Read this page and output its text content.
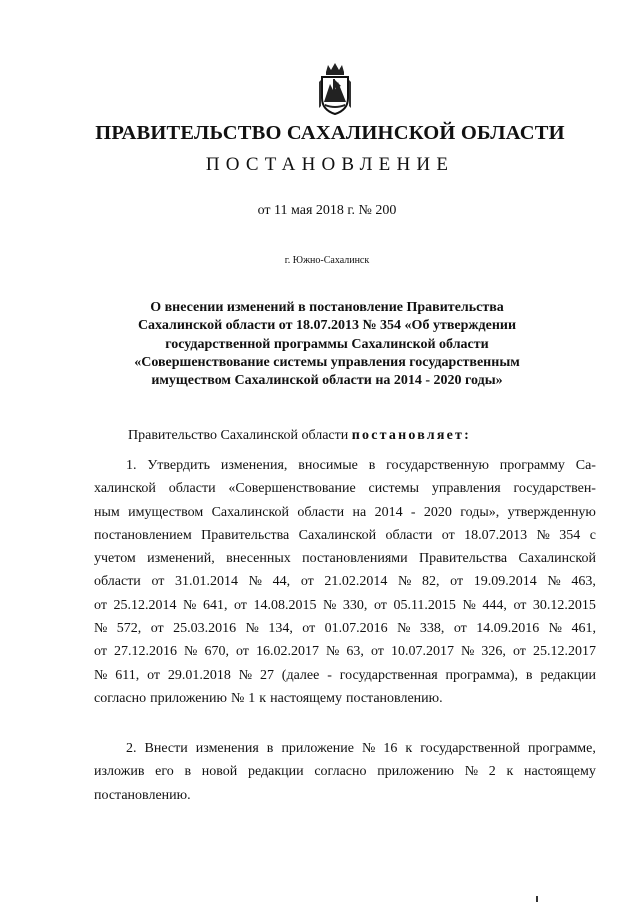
ПРАВИТЕЛЬСТВО САХАЛИНСКОЙ ОБЛАСТИ
ПОСТАНОВЛЕНИЕ
от 11 мая 2018 г. № 200
г. Южно-Сахалинск
О внесении изменений в постановление Правительства
Сахалинской области от 18.07.2013 № 354 «Об утверждении
государственной программы Сахалинской области
«Совершенствование системы управления государственным
имуществом Сахалинской области на 2014 - 2020 годы»
Правительство Сахалинской области постановляет:
1. Утвердить изменения, вносимые в государственную программу Са-
халинской области «Совершенствование системы управления государствен-
ным имуществом Сахалинской области на 2014 - 2020 годы», утвержденную
постановлением Правительства Сахалинской области от 18.07.2013 № 354 с
учетом изменений, внесенных постановлениями Правительства Сахалинской
области от 31.01.2014 № 44, от 21.02.2014 № 82, от 19.09.2014 № 463,
от 25.12.2014 № 641, от 14.08.2015 № 330, от 05.11.2015 № 444, от 30.12.2015
№ 572, от 25.03.2016 № 134, от 01.07.2016 № 338, от 14.09.2016 № 461,
от 27.12.2016 № 670, от 16.02.2017 № 63, от 10.07.2017 № 326, от 25.12.2017
№ 611, от 29.01.2018 № 27 (далее - государственная программа), в редакции
согласно приложению № 1 к настоящему постановлению.
2. Внести изменения в приложение № 16 к государственной программе,
изложив его в новой редакции согласно приложению № 2 к настоящему
постановлению.
